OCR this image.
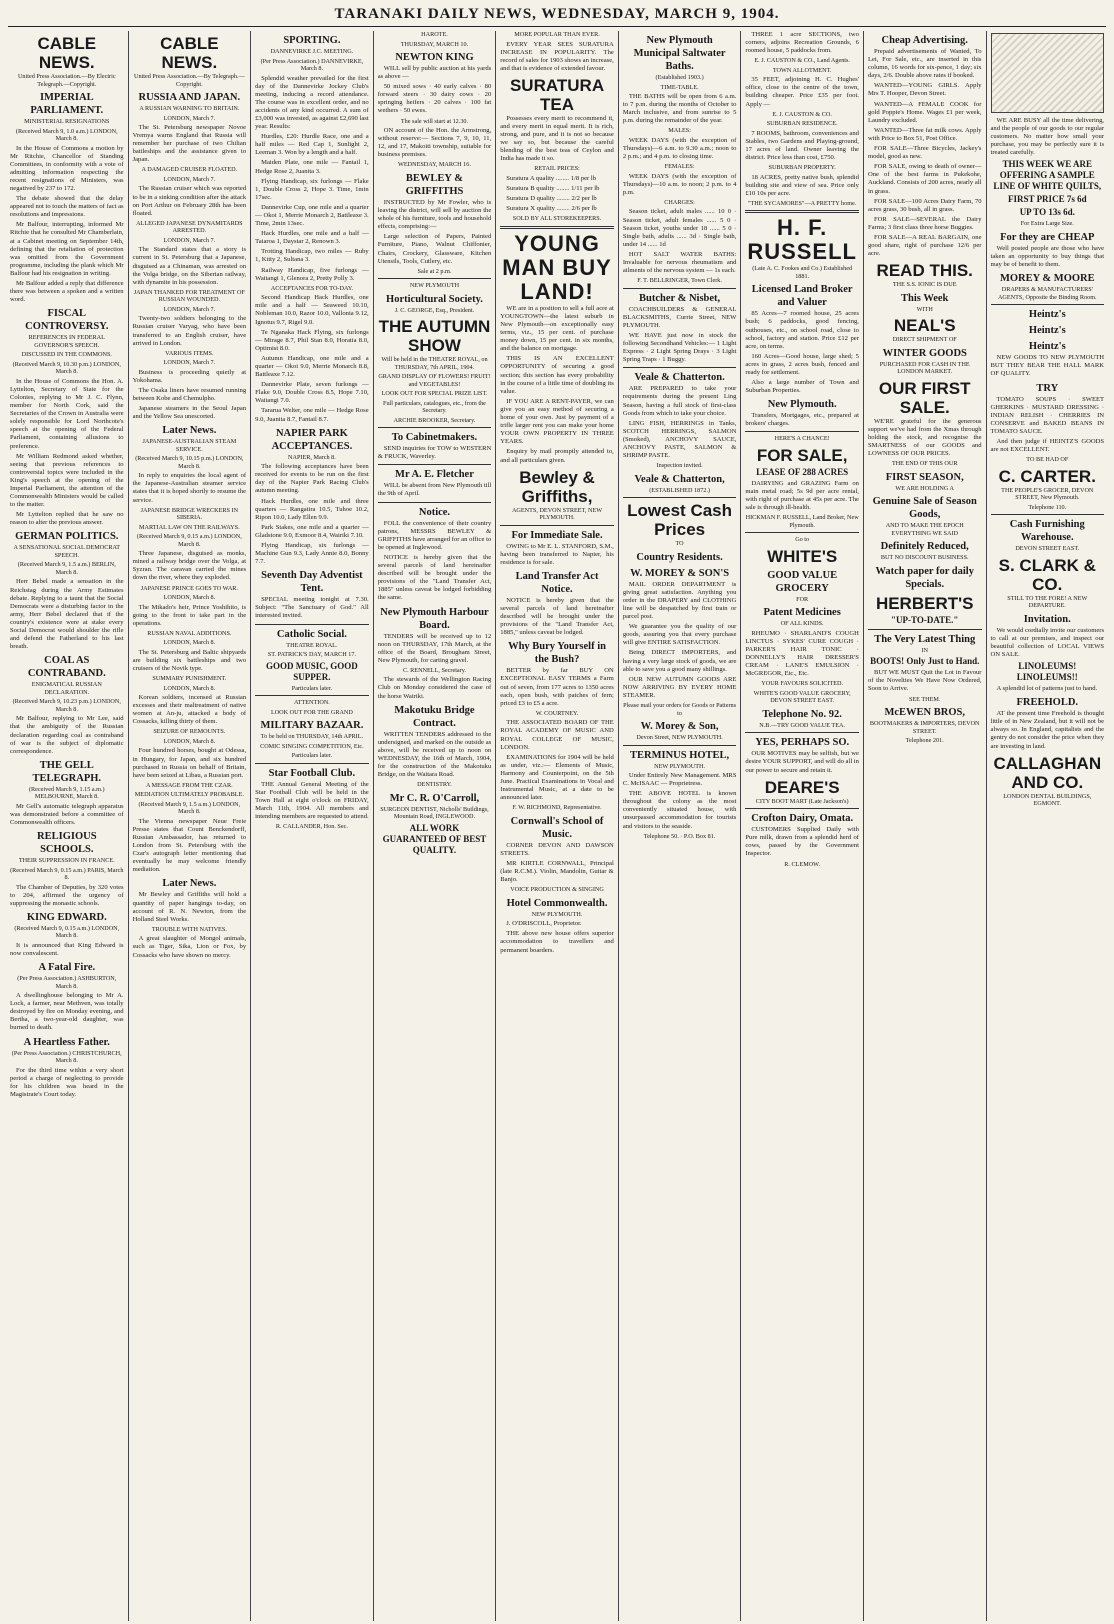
TARANAKI DAILY NEWS, WEDNESDAY, MARCH 9, 1904.
CABLE NEWS.
United Press Association.—By Electric Telegraph.—Copyright.
IMPERIAL PARLIAMENT.
MINISTERIAL RESIGNATIONS
(Received March 9, 1.0 a.m.) LONDON, March 8.
In the House of Commons a motion by Mr Ritchie, Chancellor of Standing Committees, in conformity with a vote of admitting information respecting the recent resignations of Ministers, was negatived by 237 to 172.
The debate showed that the delay appeared not to touch the matters of fact as resolutions and impressions.
Mr Balfour, interrupting, informed Mr Ritchie that he consulted Mr Chamberlain, at a Cabinet meeting on September 14th, defining that the retaliation of protection was omitted from the Government programme, including the plank which Mr Balfour had his resignation in writing.
Mr Balfour added a reply that difference there was between a spoken and a written word.
FISCAL CONTROVERSY.
REFERENCES IN FEDERAL GOVERNOR'S SPEECH.
DISCUSSED IN THE COMMONS.
(Received March 9, 10.30 p.m.) LONDON, March 8.
In the House of Commons the Hon. A. Lyttelton, Secretary of State for the Colonies, replying to Mr J. C. Flynn, member for North Cork, said the Secretaries of the Crown in Australia were solely responsible for Lord Northcote's speech at the opening of the Federal Parliament, containing allusions to preference.
Mr William Redmond asked whether, seeing that previous references to controversial topics were included in the King's speech at the opening of the Imperial Parliament, the attention of the Commonwealth Ministers would be called to the matter.
Mr Lyttelton replied that he saw no reason to alter the previous answer.
GERMAN POLITICS.
A SENSATIONAL SOCIAL DEMOCRAT SPEECH.
(Received March 9, 1.5 a.m.) BERLIN, March 8.
Herr Bebel made a sensation in the Reichstag during the Army Estimates debate. Replying to a taunt that the Social Democrats were a disturbing factor in the army, Herr Bebel declared that if the country's existence were at stake every Social Democrat would shoulder the rifle and defend the Fatherland to his last breath.
COAL AS CONTRABAND.
ENIGMATICAL RUSSIAN DECLARATION.
(Received March 9, 10.23 p.m.) LONDON, March 8.
Mr Balfour, replying to Mr Lee, said that the ambiguity of the Russian declaration regarding coal as contraband of war is the subject of diplomatic correspondence.
THE GELL TELEGRAPH.
(Received March 9, 1.15 a.m.) MELBOURNE, March 8.
Mr Gell's automatic telegraph apparatus was demonstrated before a committee of Commonwealth officers.
RELIGIOUS SCHOOLS.
THEIR SUPPRESSION IN FRANCE.
(Received March 9, 0.15 a.m.) PARIS, March 8.
The Chamber of Deputies, by 320 votes to 204, affirmed the urgency of suppressing the monastic schools.
KING EDWARD.
(Received March 9, 0.15 a.m.) LONDON, March 8.
It is announced that King Edward is now convalescent.
A Fatal Fire.
(Per Press Association.) ASHBURTON, March 8.
A dwellinghouse belonging to Mr A. Lock, a farmer, near Methven, was totally destroyed by fire on Monday evening, and Bertha, a two-year-old daughter, was burned to death.
A Heartless Father.
(Per Press Association.) CHRISTCHURCH, March 8.
For the third time within a very short period a charge of neglecting to provide for his children was heard in the Magistrate's Court today.
CABLE NEWS.
United Press Association.—By Telegraph.—Copyright.
RUSSIA AND JAPAN.
A RUSSIAN WARNING TO BRITAIN.
LONDON, March 7.
The St. Petersburg newspaper Novoe Vremya warns England that Russia will remember her purchase of two Chilian battleships and the assistance given to Japan.
A DAMAGED CRUISER FLOATED.
LONDON, March 7.
The Russian cruiser which was reported to be in a sinking condition after the attack on Port Arthur on February 28th has been floated.
ALLEGED JAPANESE DYNAMITARDS ARRESTED.
LONDON, March 7.
The Standard states that a story is current in St. Petersburg that a Japanese, disguised as a Chinaman, was arrested on the Volga bridge, on the Siberian railway, with dynamite in his possession.
JAPAN THANKED FOR TREATMENT OF RUSSIAN WOUNDED.
LONDON, March 7.
Twenty-two soldiers belonging to the Russian cruiser Varyag, who have been transferred to an English cruiser, have arrived in London.
VARIOUS ITEMS.
LONDON, March 7.
Business is proceeding quietly at Yokohama.
The Osaka liners have resumed running between Kobe and Chemulpho.
Japanese steamers in the Seoul Japan and the Yellow Sea unescorted.
Later News.
JAPANESE-AUSTRALIAN STEAM SERVICE.
(Received March 9, 10.15 p.m.) LONDON, March 8.
In reply to enquiries the local agent of the Japanese-Australian steamer service states that it is hoped shortly to resume the service.
JAPANESE BRIDGE WRECKERS IN SIBERIA.
MARTIAL LAW ON THE RAILWAYS.
(Received March 9, 0.15 a.m.) LONDON, March 8.
Three Japanese, disguised as monks, mined a railway bridge over the Volga, at Syzran. The caravan carried the mines down the river, where they exploded.
JAPANESE PRINCE GOES TO WAR.
LONDON, March 8.
The Mikado's heir, Prince Yoshihito, is going to the front to take part in the operations.
RUSSIAN NAVAL ADDITIONS.
LONDON, March 8.
The St. Petersburg and Baltic shipyards are building six battleships and two cruisers of the Novik type.
SUMMARY PUNISHMENT.
LONDON, March 8.
Korean soldiers, incensed at Russian excesses and their maltreatment of native women at An-ju, attacked a body of Cossacks, killing thirty of them.
SEIZURE OF REMOUNTS.
LONDON, March 8.
Four hundred horses, bought at Odessa, in Hungary, for Japan, and six hundred purchased in Russia on behalf of Britain, have been seized at Libau, a Russian port.
A MESSAGE FROM THE CZAR.
MEDIATION ULTIMATELY PROBABLE.
(Received March 9, 1.5 a.m.) LONDON, March 8.
The Vienna newspaper Neue Freie Presse states that Count Benckendorff, Russian Ambassador, has returned to London from St. Petersburg with the Czar's autograph letter mentioning that eventually he may welcome friendly mediation.
Later News.
Mr Bewley and Griffiths will hold a quantity of paper hangings to-day, on account of R. N. Newton, from the Holland Steel Works.
TROUBLE WITH NATIVES.
A great slaughter of Mongol animals, such as Tiger, Sika, Lion or Fox, by Cossacks who have shown no mercy.
SPORTING.
DANNEVIRKE J.C. MEETING.
(Per Press Association.) DANNEVIRKE, March 8.
Splendid weather prevailed for the first day of the Dannevirke Jockey Club's meeting, inducing a record attendance. The course was in excellent order, and no accidents of any kind occurred. A sum of £3,000 was invested, as against £2,690 last year. Results:
Hurdles, £20: Hurdle Race, one and a half miles — Red Cap 1, Sunlight 2, Leeman 3. Won by a length and a half.
Maiden Plate, one mile — Fantail 1, Hedge Rose 2, Juanita 3.
Flying Handicap, six furlongs — Flake 1, Double Cross 2, Hope 3. Time, 1min 17sec.
Dannevirke Cup, one mile and a quarter — Okoi 1, Merrie Monarch 2, Battleaxe 3. Time, 2min 13sec.
Hack Hurdles, one mile and a half — Taiaroa 1, Daystar 2, Renown 3.
Trotting Handicap, two miles — Ruby 1, Kitty 2, Sultana 3.
Railway Handicap, five furlongs — Waitangi 1, Glenora 2, Pretty Polly 3.
ACCEPTANCES FOR TO-DAY.
Second Handicap Hack Hurdles, one mile and a half — Seaweed 10.10, Nobleman 10.0, Razor 10.0, Vallonia 9.12, Ignotus 9.7, Rigel 9.0.
Te Nganaka Hack Flying, six furlongs — Mirage 8.7, Phil Stan 8.0, Horatia 8.0, Optimist 8.0.
Autumn Handicap, one mile and a quarter — Okoi 9.0, Merrie Monarch 8.8, Battleaxe 7.12.
Dannevirke Plate, seven furlongs — Flake 9.0, Double Cross 8.5, Hope 7.10, Waitangi 7.0.
Tararua Welter, one mile — Hedge Rose 9.0, Juanita 8.7, Fantail 8.7.
NAPIER PARK ACCEPTANCES.
NAPIER, March 8.
The following acceptances have been received for events to be run on the first day of the Napier Park Racing Club's autumn meeting.
Hack Hurdles, one mile and three quarters — Rangatira 10.5, Tuhoe 10.2, Ripon 10.0, Lady Ellen 9.9.
Park Stakes, one mile and a quarter — Gladstone 9.0, Exmoor 8.4, Wairiki 7.10.
Flying Handicap, six furlongs — Machine Gun 9.3, Lady Annie 8.0, Bonny 7.7.
Seventh Day Adventist Tent.
SPECIAL meeting tonight at 7.30. Subject: "The Sanctuary of God." All interested invited.
Catholic Social.
THEATRE ROYAL.
ST. PATRICK'S DAY, MARCH 17.
GOOD MUSIC, GOOD SUPPER.
Particulars later.
ATTENTION.
LOOK OUT FOR THE GRAND
MILITARY BAZAAR.
To be held on THURSDAY, 14th APRIL.
COMIC SINGING COMPETITION, Etc.
Particulars later.
Star Football Club.
THE Annual General Meeting of the Star Football Club will be held in the Town Hall at eight o'clock on FRIDAY, March 11th, 1904. All members and intending members are requested to attend.
R. CALLANDER, Hon. Sec.
HAROTE.
THURSDAY, MARCH 10.
NEWTON KING
WILL sell by public auction at his yards as above —
50 mixed sows · 40 early calves · 80 forward steers · 30 dairy cows · 20 springing heifers · 20 calves · 100 fat wethers · 50 ewes.
The sale will start at 12.30.
ON account of the Hon. the Armstrong, without reserve:— Sections 7, 9, 10, 11, 12, and 17, Makoiti township, suitable for business premises.
WEDNESDAY, MARCH 16.
BEWLEY & GRIFFITHS
INSTRUCTED by Mr Fowler, who is leaving the district, will sell by auction the whole of his furniture, tools and household effects, comprising:—
Large selection of Papers, Painted Furniture, Piano, Walnut Chiffonier, Chairs, Crockery, Glassware, Kitchen Utensils, Tools, Cutlery, etc.
Sale at 2 p.m.
NEW PLYMOUTH
Horticultural Society.
J. C. GEORGE, Esq., President.
THE AUTUMN SHOW
Will be held in the THEATRE ROYAL, on THURSDAY, 7th APRIL, 1904.
GRAND DISPLAY OF FLOWERS! FRUIT! and VEGETABLES!
LOOK OUT FOR SPECIAL PRIZE LIST.
Full particulars, catalogues, etc., from the Secretary.
ARCHIE BROOKER, Secretary.
To Cabinetmakers.
SEND inquiries for TOW to WESTERN & FRUCK, Waverley.
Mr A. E. Fletcher
WILL be absent from New Plymouth till the 9th of April.
Notice.
FOLL the convenience of their country patrons, MESSRS BEWLEY & GRIFFITHS have arranged for an office to be opened at Inglewood.
NOTICE is hereby given that the several parcels of land hereinafter described will be brought under the provisions of the "Land Transfer Act, 1885" unless caveat be lodged forbidding the same.
New Plymouth Harbour Board.
TENDERS will be received up to 12 noon on THURSDAY, 17th March, at the office of the Board, Brougham Street, New Plymouth, for carting gravel.
C. RENNELL, Secretary.
The stewards of the Wellington Racing Club on Monday considered the case of the horse Wairiki.
Makotuku Bridge Contract.
WRITTEN TENDERS addressed to the undersigned, and marked on the outside as above, will be received up to noon on WEDNESDAY, the 16th of March, 1904, for the construction of the Makotuku Bridge, on the Waitara Road.
DENTISTRY.
Mr C. R. O'Carroll,
SURGEON DENTIST, Nicholls' Buildings, Mountain Road, INGLEWOOD.
ALL WORK GUARANTEED OF BEST QUALITY.
MORE POPULAR THAN EVER.
EVERY YEAR SEES SURATURA INCREASE IN POPULARITY. The record of sales for 1903 shows an increase, and that is evidence of extended favour.
SURATURA TEA
Possesses every merit to recommend it, and every merit in equal merit. It is rich, strong, and pure, and it is not so because we say so, but because the careful blending of the best teas of Ceylon and India has made it so.
RETAIL PRICES:
Suratura A quality ........ 1/8 per lb
Suratura B quality ........ 1/11 per lb
Suratura D quality ........ 2/2 per lb
Suratura X quality ........ 2/6 per lb
SOLD BY ALL STOREKEEPERS.
YOUNG MAN BUY LAND!
WE are in a position to sell a full acre at YOUNGTOWN—the latest suburb in New Plymouth—on exceptionally easy terms, viz., 15 per cent. of purchase money down, 15 per cent. in six months, and the balance on mortgage.
THIS IS AN EXCELLENT OPPORTUNITY of securing a good section; this section has every probability in the course of a little time of doubling its value.
IF YOU ARE A RENT-PAYER, we can give you an easy method of securing a home of your own. Just by payment of a trifle larger rent you can make your home YOUR OWN PROPERTY IN THREE YEARS.
Enquiry by mail promptly attended to, and all particulars given.
Bewley & Griffiths,
AGENTS, DEVON STREET, NEW PLYMOUTH.
For Immediate Sale.
OWING to Mr E. L. STANFORD, S.M., having been transferred to Napier, his residence is for sale.
Land Transfer Act Notice.
NOTICE is hereby given that the several parcels of land hereinafter described will be brought under the provisions of the "Land Transfer Act, 1885," unless caveat be lodged.
Why Bury Yourself in the Bush?
BETTER by far BUY ON EXCEPTIONAL EASY TERMS a Farm out of seven, from 177 acres to 1350 acres each, open bush, with patches of fern; priced £3 to £5 a acre.
W. COURTNEY.
THE ASSOCIATED BOARD OF THE ROYAL ACADEMY OF MUSIC AND ROYAL COLLEGE OF MUSIC, LONDON.
EXAMINATIONS for 1904 will be held as under, viz.:— Elements of Music, Harmony and Counterpoint, on the 5th June. Practical Examinations in Vocal and Instrumental Music, at a date to be announced later.
F. W. RICHMOND, Representative.
Cornwall's School of Music.
CORNER DEVON AND DAWSON STREETS.
MR KIRTLE CORNWALL, Principal (late R.C.M.). Violin, Mandolin, Guitar & Banjo.
VOICE PRODUCTION & SINGING
Hotel Commonwealth.
NEW PLYMOUTH.
J. O'DRISCOLL, Proprietor.
THE above new house offers superior accommodation to travellers and permanent boarders.
New Plymouth Municipal Saltwater Baths.
(Established 1903.)
TIME-TABLE.
THE BATHS will be open from 6 a.m. to 7 p.m. during the months of October to March inclusive, and from sunrise to 5 p.m. during the remainder of the year.
MALES:
WEEK DAYS (with the exception of Thursdays)—6 a.m. to 9.30 a.m.; noon to 2 p.m.; and 4 p.m. to closing time.
FEMALES:
WEEK DAYS (with the exception of Thursdays)—10 a.m. to noon; 2 p.m. to 4 p.m.
CHARGES:
Season ticket, adult males ...... 10 0 · Season ticket, adult females ...... 5 0 · Season ticket, youths under 18 ...... 5 0 · Single bath, adults ...... 3d · Single bath, under 14 ...... 1d
HOT SALT WATER BATHS: Invaluable for nervous rheumatism and ailments of the nervous system — 1s each.
F. T. BELLRINGER, Town Clerk.
Butcher & Nisbet,
COACHBUILDERS & GENERAL BLACKSMITHS, Currie Street, NEW PLYMOUTH.
WE HAVE just now in stock the following Secondhand Vehicles:— 1 Light Express · 2 Light Spring Drays · 3 Light Spring Traps · 1 Buggy.
Veale & Chatterton.
ARE PREPARED to take your requirements during the present Ling Season, having a full stock of first-class Goods from which to take your choice.
LING FISH, HERRINGS in Tanks, SCOTCH HERRINGS, SALMON (Smoked), ANCHOVY SAUCE, ANCHOVY PASTE, SALMON & SHRIMP PASTE.
Inspection invited.
Veale & Chatterton,
(ESTABLISHED 1872.)
Lowest Cash Prices
TO
Country Residents.
W. MOREY & SON'S
MAIL ORDER DEPARTMENT is giving great satisfaction. Anything you order in the DRAPERY and CLOTHING line will be despatched by first train or parcel post.
We guarantee you the quality of our goods, assuring you that every purchase will give ENTIRE SATISFACTION.
Being DIRECT IMPORTERS, and having a very large stock of goods, we are able to save you a good many shillings.
OUR NEW AUTUMN GOODS ARE NOW ARRIVING BY EVERY HOME STEAMER.
Please mail your orders for Goods or Patterns to
W. Morey & Son,
Devon Street, NEW PLYMOUTH.
TERMINUS HOTEL,
NEW PLYMOUTH.
Under Entirely New Management. MRS C. McISAAC — Proprietress.
THE ABOVE HOTEL is known throughout the colony as the most conveniently situated house, with unsurpassed accommodation for tourists and visitors to the seaside.
Telephone 50. · P.O. Box 81.
THREE 1 acre SECTIONS, two corners, adjoins Recreation Grounds, 6 roomed house, 5 paddocks from.
E. J. CAUSTON & CO., Land Agents.
TOWN ALLOTMENT.
35 FEET, adjoining H. C. Hughes' office, close to the centre of the town, building cheaper. Price £35 per foot. Apply —
E. J. CAUSTON & CO.
SUBURBAN RESIDENCE.
7 ROOMS, bathroom, conveniences and Stables, two Gardens and Playing-ground, 17 acres of land. Owner leaving the district. Price less than cost, £750.
SUBURBAN PROPERTY.
18 ACRES, pretty native bush, splendid building site and view of sea. Price only £10 10s per acre.
"THE SYCAMORES"—A PRETTY home.
H. F. RUSSELL
(Late A. C. Fookes and Co.) Established 1881.
Licensed Land Broker and Valuer
85 Acres—7 roomed house, 25 acres bush; 6 paddocks, good fencing, outhouses, etc., on school road, close to school, factory and station. Price £12 per acre, on terms.
160 Acres—Good house, large shed; 5 acres in grass, 2 acres bush, fenced and ready for settlement.
Also a large number of Town and Suburban Properties.
New Plymouth.
Transfers, Mortgages, etc., prepared at brokers' charges.
HERE'S A CHANCE!
FOR SALE,
LEASE OF 288 ACRES
DAIRYING and GRAZING Farm on main metal road; 5s 9d per acre rental, with right of purchase at 45s per acre. The sale is through ill-health.
HICKMAN F. RUSSELL, Land Broker, New Plymouth.
Go to
WHITE'S
GOOD VALUE GROCERY
FOR
Patent Medicines
OF ALL KINDS.
RHEUMO · SHARLAND'S COUGH LINCTUS · SYKES' CURE COUGH · PARKER'S HAIR TONIC · DONNELLY'S HAIR DRESSER'S CREAM · LANE'S EMULSION · McGREGOR, Etc., Etc.
YOUR FAVOURS SOLICITED.
WHITE'S GOOD VALUE GROCERY, DEVON STREET EAST.
Telephone No. 92.
N.B.—TRY GOOD VALUE TEA.
YES, PERHAPS SO.
OUR MOTIVES may be selfish, but we desire YOUR SUPPORT, and will do all in our power to secure and retain it.
DEARE'S
CITY BOOT MART (Late Jackson's)
Crofton Dairy, Omata.
CUSTOMERS Supplied Daily with Pure milk, drawn from a splendid herd of cows, passed by the Government Inspector.
R. CLEMOW.
Cheap Advertising.
Prepaid advertisements of Wanted, To Let, For Sale, etc., are inserted in this column, 16 words for six-pence, 1 day; six days, 2/6. Double above rates if booked.
WANTED—YOUNG GIRLS. Apply Mrs T. Hooper, Devon Street.
WANTED—A FEMALE COOK for gold Poppie's Home. Wages £1 per week, Laundry excluded.
WANTED—Three fat milk cows. Apply with Price to Box 51, Post Office.
FOR SALE—Three Bicycles, Jackey's model, good as new.
FOR SALE, owing to death of owner—One of the best farms in Pukekohe, Auckland. Consists of 200 acres, nearly all in grass.
FOR SALE—100 Acres Dairy Farm, 70 acres grass, 30 bush, all in grass.
FOR SALE—SEVERAL the Dairy Farms; 3 first class three horse Buggies.
FOR SALE—A REAL BARGAIN, one good share, right of purchase 12/6 per acre.
READ THIS.
THE S.S. IONIC IS DUE
This Week
WITH
NEAL'S
DIRECT SHIPMENT OF
WINTER GOODS
PURCHASED FOR CASH IN THE LONDON MARKET.
OUR FIRST SALE.
WE'RE grateful for the generous support we've had from the Xmas through holding the stock, and recognise the SMARTNESS of our GOODS and LOWNESS OF OUR PRICES.
THE END OF THIS OUR
FIRST SEASON,
WE ARE HOLDING A
Genuine Sale of Season Goods,
AND TO MAKE THE EPOCH EVERYTHING WE SAID
Definitely Reduced,
BUT NO DISCOUNT BUSINESS.
Watch paper for daily Specials.
HERBERT'S
"UP-TO-DATE."
The Very Latest Thing
IN
BOOTS! Only Just to Hand.
BUT WE MUST Quit the Lot in Favour of the Novelties We Have Now Ordered, Soon to Arrive.
SEE THEM.
McEWEN BROS,
BOOTMAKERS & IMPORTERS, DEVON STREET.
Telephone 201.
WE ARE BUSY all the time delivering, and the people of our goods to our regular customers. No matter how small your purchase, you may be perfectly sure it is treated carefully.
THIS WEEK WE ARE OFFERING A SAMPLE LINE OF WHITE QUILTS,
FIRST PRICE 7s 6d
UP TO 13s 6d.
For Extra Large Size.
For they are CHEAP
Well posted people are those who have taken an opportunity to buy things that may be of benefit to them.
MOREY & MOORE
DRAPERS & MANUFACTURERS' AGENTS, Opposite the Binding Room.
Heintz's
Heintz's
Heintz's
NEW GOODS TO NEW PLYMOUTH BUT THEY BEAR THE HALL MARK OF QUALITY.
TRY
TOMATO SOUPS · SWEET GHERKINS · MUSTARD DRESSING · INDIAN RELISH · CHERRIES IN CONSERVE and BAKED BEANS IN TOMATO SAUCE.
And then judge if HEINTZ'S GOODS are not EXCELLENT.
TO BE HAD OF
C. CARTER.
THE PEOPLE'S GROCER, DEVON STREET, New Plymouth.
Telephone 110.
Cash Furnishing Warehouse.
DEVON STREET EAST.
S. CLARK & CO.
STILL TO THE FORE! A NEW DEPARTURE.
Invitation.
We would cordially invite our customers to call at our premises, and inspect our beautiful collection of LOCAL VIEWS ON SALE.
LINOLEUMS! LINOLEUMS!!
A splendid lot of patterns just to hand.
FREEHOLD.
AT the present time Freehold is thought little of in New Zealand, but it will not be always so. In England, capitalists and the gentry do not consider the price when they are investing in land.
CALLAGHAN AND CO.
LONDON DENTAL BUILDINGS, EGMONT.
